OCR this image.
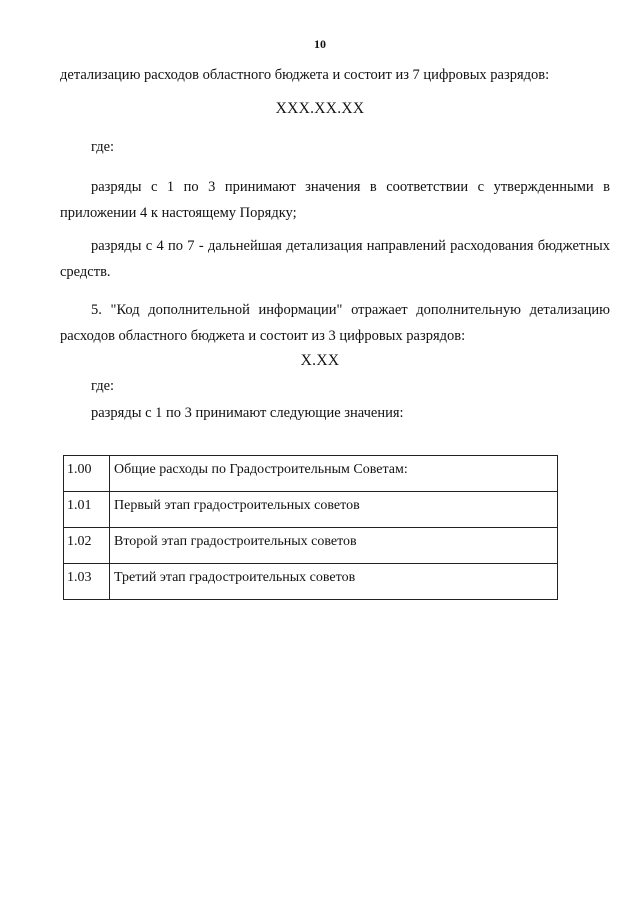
10

детализацию расходов областного бюджета и состоит из 7 цифровых разрядов:

XXX.XX.XX

где:

разряды с 1 по 3 принимают значения в соответствии с утвержденными в приложении 4 к настоящему Порядку;

разряды с 4 по 7 - дальнейшая детализация направлений расходования бюджетных средств.

5. "Код дополнительной информации" отражает дополнительную детализацию расходов областного бюджета и состоит из 3 цифровых разрядов:

X.XX

где:

разряды с 1 по 3 принимают следующие значения:

1.00	Общие расходы по Градостроительным Советам:
1.01	Первый этап градостроительных советов
1.02	Второй этап градостроительных советов
1.03	Третий этап градостроительных советов
